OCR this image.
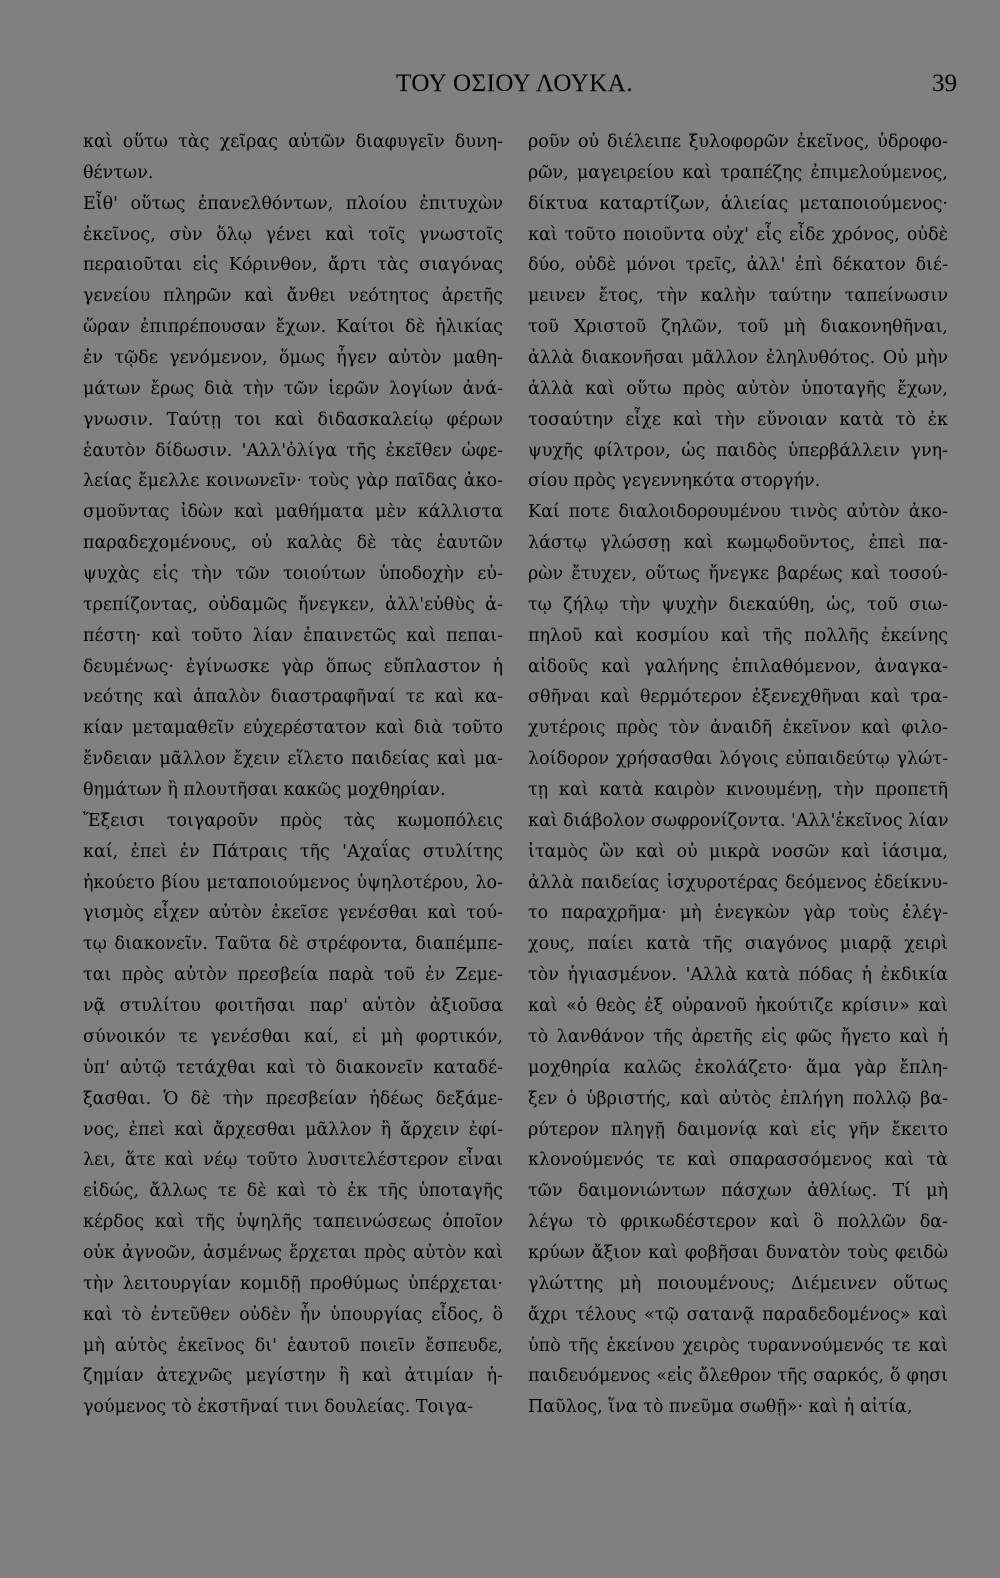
ΤΟΥ ΟΣΙΟΥ ΛΟΥΚΑ.	39
καὶ οὕτω τὰς χεῖρας αὐτῶν διαφυγεῖν δυνη-
θέντων.
Εἶθ' οὕτως ἐπανελθόντων, πλοίου ἐπιτυχὼν
ἐκεῖνος, σὺν ὅλῳ γένει καὶ τοῖς γνωστοῖς
περαιοῦται εἰς Κόρινθον, ἄρτι τὰς σιαγόνας
γενείου πληρῶν καὶ ἄνθει νεότητος ἀρετῆς
ὥραν ἐπιπρέπουσαν ἔχων. Καίτοι δὲ ἡλικίας
ἐν τῷδε γενόμενον, ὅμως ἦγεν αὐτὸν μαθη-
μάτων ἔρως διὰ τὴν τῶν ἱερῶν λογίων ἀνά-
γνωσιν. Ταύτῃ τοι καὶ διδασκαλείῳ φέρων
ἑαυτὸν δίδωσιν. 'Αλλ'ὀλίγα τῆς ἐκεῖθεν ὠφε-
λείας ἔμελλε κοινωνεῖν· τοὺς γὰρ παῖδας ἀκο-
σμοῦντας ἰδὼν καὶ μαθήματα μὲν κάλλιστα
παραδεχομένους, οὐ καλὰς δὲ τὰς ἑαυτῶν
ψυχὰς εἰς τὴν τῶν τοιούτων ὑποδοχὴν εὐ-
τρεπίζοντας, οὐδαμῶς ἤνεγκεν, ἀλλ'εὐθὺς ἀ-
πέστη· καὶ τοῦτο λίαν ἐπαινετῶς καὶ πεπαι-
δευμένως· ἐγίνωσκε γὰρ ὅπως εὔπλαστον ἡ
νεότης καὶ ἁπαλὸν διαστραφῆναί τε καὶ κα-
κίαν μεταμαθεῖν εὐχερέστατον καὶ διὰ τοῦτο
ἔνδειαν μᾶλλον ἔχειν εἵλετο παιδείας καὶ μα-
θημάτων ἢ πλουτῆσαι κακῶς μοχθηρίαν.
Ἔξεισι τοιγαροῦν πρὸς τὰς κωμοπόλεις
καί, ἐπεὶ ἐν Πάτραις τῆς 'Αχαΐας στυλίτης
ἠκούετο βίου μεταποιούμενος ὑψηλοτέρου, λο-
γισμὸς εἶχεν αὐτὸν ἐκεῖσε γενέσθαι καὶ τού-
τῳ διακονεῖν. Ταῦτα δὲ στρέφοντα, διαπέμπε-
ται πρὸς αὐτὸν πρεσβεία παρὰ τοῦ ἐν Ζεμε-
νᾷ στυλίτου φοιτῆσαι παρ' αὐτὸν ἀξιοῦσα
σύνοικόν τε γενέσθαι καί, εἰ μὴ φορτικόν,
ὑπ' αὐτῷ τετάχθαι καὶ τὸ διακονεῖν καταδέ-
ξασθαι. Ὁ δὲ τὴν πρεσβείαν ἡδέως δεξάμε-
νος, ἐπεὶ καὶ ἄρχεσθαι μᾶλλον ἢ ἄρχειν ἐφί-
λει, ἅτε καὶ νέῳ τοῦτο λυσιτελέστερον εἶναι
εἰδώς, ἄλλως τε δὲ καὶ τὸ ἐκ τῆς ὑποταγῆς
κέρδος καὶ τῆς ὑψηλῆς ταπεινώσεως ὁποῖον
οὐκ ἀγνοῶν, ἀσμένως ἔρχεται πρὸς αὐτὸν καὶ
τὴν λειτουργίαν κομιδῇ προθύμως ὑπέρχεται·
καὶ τὸ ἐντεῦθεν οὐδὲν ἦν ὑπουργίας εἶδος, ὃ
μὴ αὐτὸς ἐκεῖνος δι' ἑαυτοῦ ποιεῖν ἔσπευδε,
ζημίαν ἀτεχνῶς μεγίστην ἢ καὶ ἀτιμίαν ἡ-
γούμενος τὸ ἐκστῆναί τινι δουλείας. Τοιγα-
ροῦν οὐ διέλειπε ξυλοφορῶν ἐκεῖνος, ὑδροφο-
ρῶν, μαγειρείου καὶ τραπέζης ἐπιμελούμενος,
δίκτυα καταρτίζων, ἁλιείας μεταποιούμενος·
καὶ τοῦτο ποιοῦντα οὐχ' εἷς εἶδε χρόνος, οὐδὲ
δύο, οὐδὲ μόνοι τρεῖς, ἀλλ' ἐπὶ δέκατον διέ-
μεινεν ἔτος, τὴν καλὴν ταύτην ταπείνωσιν
τοῦ Χριστοῦ ζηλῶν, τοῦ μὴ διακονηθῆναι,
ἀλλὰ διακονῆσαι μᾶλλον ἐληλυθότος. Οὐ μὴν
ἀλλὰ καὶ οὕτω πρὸς αὐτὸν ὑποταγῆς ἔχων,
τοσαύτην εἶχε καὶ τὴν εὔνοιαν κατὰ τὸ ἐκ
ψυχῆς φίλτρον, ὡς παιδὸς ὑπερβάλλειν γνη-
σίου πρὸς γεγεννηκότα στοργήν.
Καί ποτε διαλοιδορουμένου τινὸς αὐτὸν ἀκο-
λάστῳ γλώσσῃ καὶ κωμῳδοῦντος, ἐπεὶ πα-
ρὼν ἔτυχεν, οὕτως ἤνεγκε βαρέως καὶ τοσού-
τῳ ζήλῳ τὴν ψυχὴν διεκαύθη, ὡς, τοῦ σιω-
πηλοῦ καὶ κοσμίου καὶ τῆς πολλῆς ἐκείνης
αἰδοῦς καὶ γαλήνης ἐπιλαθόμενον, ἀναγκα-
σθῆναι καὶ θερμότερον ἐξενεχθῆναι καὶ τρα-
χυτέροις πρὸς τὸν ἀναιδῆ ἐκεῖνον καὶ φιλο-
λοίδορον χρήσασθαι λόγοις εὐπαιδεύτῳ γλώτ-
τῃ καὶ κατὰ καιρὸν κινουμένῃ, τὴν προπετῆ
καὶ διάβολον σωφρονίζοντα. 'Αλλ'ἐκεῖνος λίαν
ἰταμὸς ὢν καὶ οὐ μικρὰ νοσῶν καὶ ἰάσιμα,
ἀλλὰ παιδείας ἰσχυροτέρας δεόμενος ἐδείκνυ-
το παραχρῆμα· μὴ ἐνεγκὼν γὰρ τοὺς ἐλέγ-
χους, παίει κατὰ τῆς σιαγόνος μιαρᾷ χειρὶ
τὸν ἡγιασμένον. 'Αλλὰ κατὰ πόδας ἡ ἐκδικία
καὶ «ὁ θεὸς ἐξ οὐρανοῦ ἠκούτιζε κρίσιν» καὶ
τὸ λανθάνον τῆς ἀρετῆς εἰς φῶς ἤγετο καὶ ἡ
μοχθηρία καλῶς ἐκολάζετο· ἅμα γὰρ ἔπλη-
ξεν ὁ ὑβριστής, καὶ αὐτὸς ἐπλήγη πολλῷ βα-
ρύτερον πληγῇ δαιμονίᾳ καὶ εἰς γῆν ἔκειτο
κλονούμενός τε καὶ σπαρασσόμενος καὶ τὰ
τῶν δαιμονιώντων πάσχων ἀθλίως. Τί μὴ
λέγω τὸ φρικωδέστερον καὶ ὃ πολλῶν δα-
κρύων ἄξιον καὶ φοβῆσαι δυνατὸν τοὺς φειδὼ
γλώττης μὴ ποιουμένους; Διέμεινεν οὕτως
ἄχρι τέλους «τῷ σατανᾷ παραδεδομένος» καὶ
ὑπὸ τῆς ἐκείνου χειρὸς τυραννούμενός τε καὶ
παιδευόμενος «εἰς ὄλεθρον τῆς σαρκός, ὅ φησι
Παῦλος, ἵνα τὸ πνεῦμα σωθῇ»· καὶ ἡ αἰτία,
